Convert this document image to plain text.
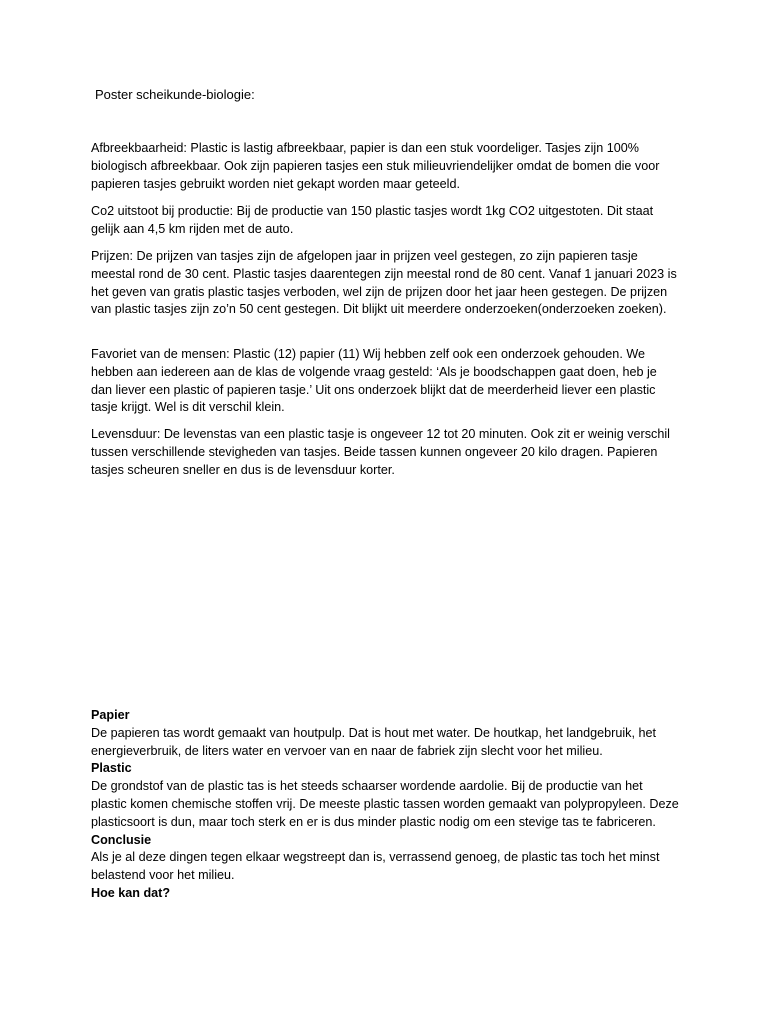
Poster scheikunde-biologie:

Afbreekbaarheid: Plastic is lastig afbreekbaar, papier is dan een stuk voordeliger. Tasjes zijn 100% biologisch afbreekbaar. Ook zijn papieren tasjes een stuk milieuvriendelijker omdat de bomen die voor papieren tasjes gebruikt worden niet gekapt worden maar geteeld.

Co2 uitstoot bij productie: Bij de productie van 150 plastic tasjes wordt 1kg CO2 uitgestoten. Dit staat gelijk aan 4,5 km rijden met de auto.

Prijzen: De prijzen van tasjes zijn de afgelopen jaar in prijzen veel gestegen, zo zijn papieren tasje meestal rond de 30 cent. Plastic tasjes daarentegen zijn meestal rond de 80 cent. Vanaf 1 januari 2023 is het geven van gratis plastic tasjes verboden, wel zijn de prijzen door het jaar heen gestegen. De prijzen van plastic tasjes zijn zo’n 50 cent gestegen. Dit blijkt uit meerdere onderzoeken(onderzoeken zoeken).

Favoriet van de mensen: Plastic (12) papier (11) Wij hebben zelf ook een onderzoek gehouden. We hebben aan iedereen aan de klas de volgende vraag gesteld: ‘Als je boodschappen gaat doen, heb je dan liever een plastic of papieren tasje.’ Uit ons onderzoek blijkt dat de meerderheid liever een plastic tasje krijgt. Wel is dit verschil klein.

Levensduur: De levenstas van een plastic tasje is ongeveer 12 tot 20 minuten. Ook zit er weinig verschil tussen verschillende stevigheden van tasjes. Beide tassen kunnen ongeveer 20 kilo dragen. Papieren tasjes scheuren sneller en dus is de levensduur korter.

Papier
De papieren tas wordt gemaakt van houtpulp. Dat is hout met water. De houtkap, het landgebruik, het energieverbruik, de liters water en vervoer van en naar de fabriek zijn slecht voor het milieu.
Plastic
De grondstof van de plastic tas is het steeds schaarser wordende aardolie. Bij de productie van het plastic komen chemische stoffen vrij. De meeste plastic tassen worden gemaakt van polypropyleen. Deze plasticsoort is dun, maar toch sterk en er is dus minder plastic nodig om een stevige tas te fabriceren.
Conclusie
Als je al deze dingen tegen elkaar wegstreept dan is, verrassend genoeg, de plastic tas toch het minst belastend voor het milieu.
Hoe kan dat?
